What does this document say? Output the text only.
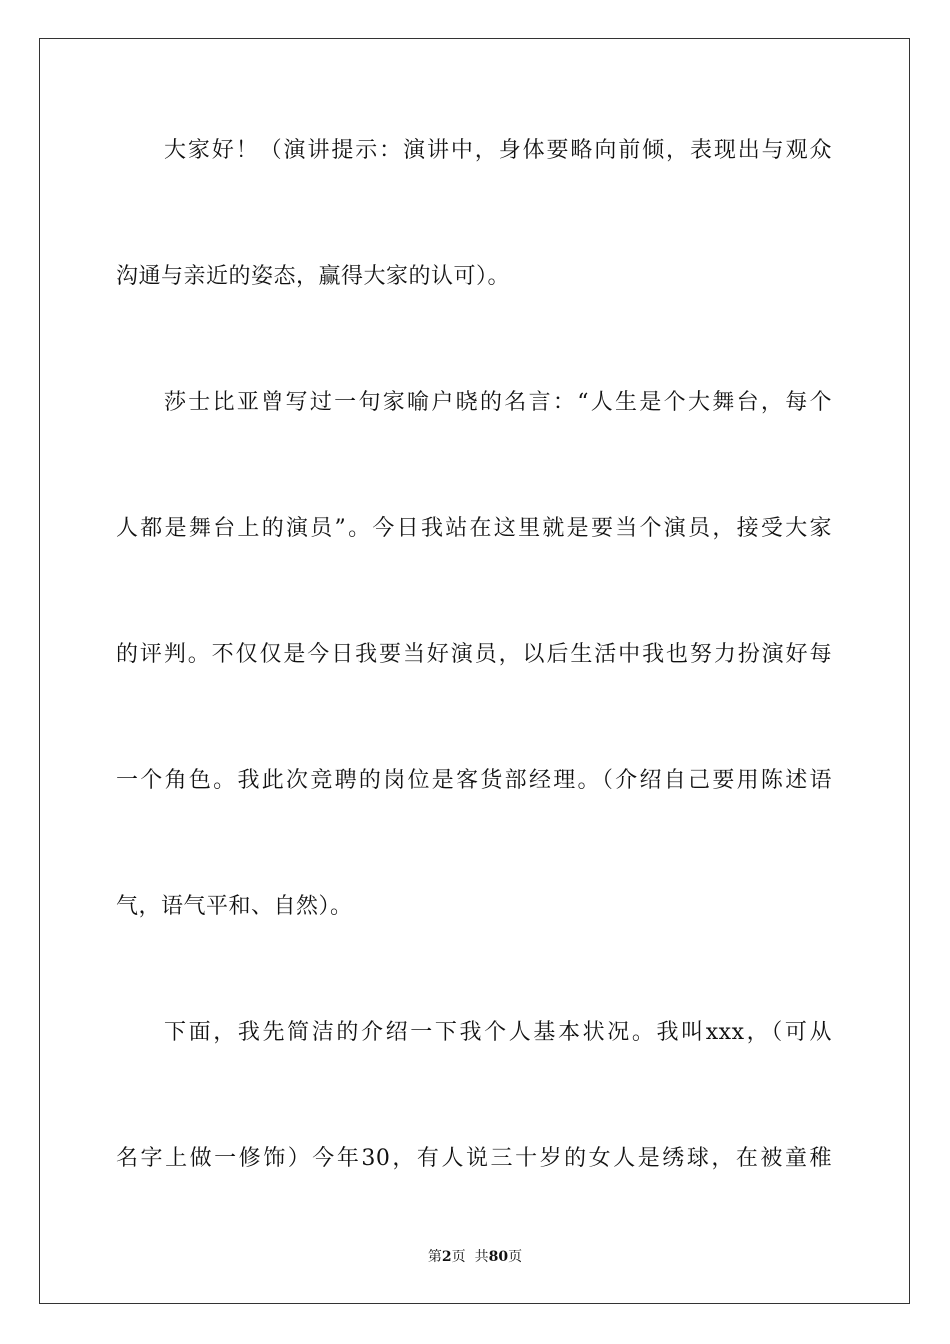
大家好！（演讲提示：演讲中，身体要略向前倾，表现出与观众
沟通与亲近的姿态，赢得大家的认可）。
莎士比亚曾写过一句家喻户晓的名言：“人生是个大舞台，每个
人都是舞台上的演员”。今日我站在这里就是要当个演员，接受大家
的评判。不仅仅是今日我要当好演员，以后生活中我也努力扮演好每
一个角色。我此次竞聘的岗位是客货部经理。（介绍自己要用陈述语
气，语气平和、自然）。
下面，我先简洁的介绍一下我个人基本状况。我叫xxx，（可从
名字上做一修饰）今年30，有人说三十岁的女人是绣球，在被童稚
第2页  共80页
